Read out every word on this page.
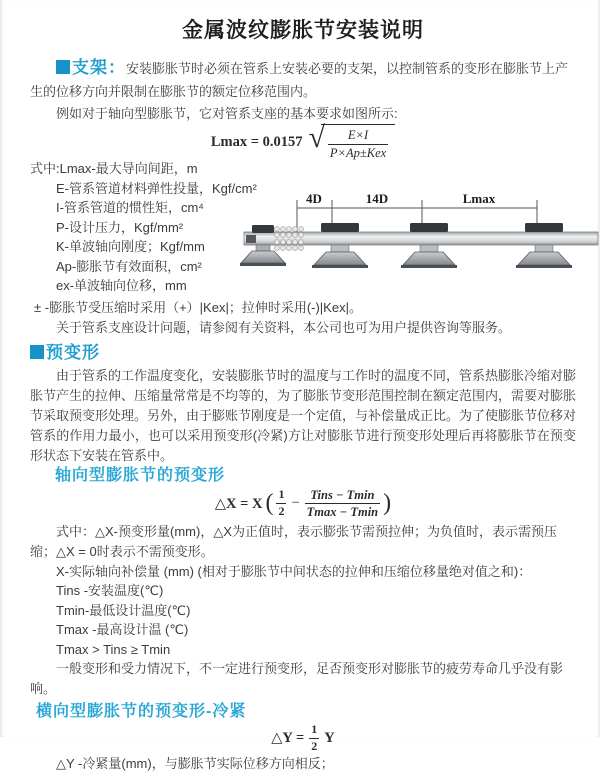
金属波纹膨胀节安装说明

支架：安装膨胀节时必须在管系上安装必要的支架，以控制管系的变形在膨胀节上产生的位移方向并限制在膨胀节的额定位移范围内。

例如对于轴向型膨胀节，它对管系支座的基本要求如图所示:

Lmax = 0.0157 √ $\frac{E\times I}{\text{P×Ap±Kex}}$
式中:Lmax-最大导向间距，m
E-管系管道材料弹性投量，Kgf/cm²
I-管系管道的惯性矩，cm⁴
P-设计压力，Kgf/mm²
K-单波轴向刚度；Kgf/mm
Ap-膨胀节有效面积，cm²
ex-单波轴向位移，mm
4D	14D	Lmax

± -膨胀节受压缩时采用（+）|Kex|；拉伸时采用(-)|Kex|。

关于管系支座设计问题，请参阅有关资料，本公司也可为用户提供咨询等服务。

预变形

由于管系的工作温度变化，安装膨胀节时的温度与工作时的温度不同，管系热膨胀冷缩对膨胀节产生的拉伸、压缩量常常是不均等的，为了膨胀节变形范围控制在额定范围内，需要对膨胀节采取预变形处理。另外，由于膨账节刚度是一个定值，与补偿量成正比。为了使膨胀节位移对管系的作用力最小，也可以采用预变形(冷紧)方让对膨胀节进行预变形处理后再将膨胀节在预变形状态下安装在管系中。

轴向型膨胀节的预变形
△X = X ( $\frac{1}{2} - \frac{\text{Tins − Tmin}}{Tmax - Tmin}$ )

式中：△X-预变形量(mm)，△X为正值时，表示膨张节需预拉伸；为负值时，表示需预压缩；△X = 0时表示不需预变形。

X-实际轴向补偿量 (mm) (相对于膨胀节中间状态的拉伸和压缩位移量绝对值之和)：

Tins -安装温度(℃)

Tmin-最低设计温度(℃)

Tmax -最高设计温 (℃)

Tmax > Tins ≥ Tmin

一般变形和受力情况下，不一定进行预变形，足否预变形对膨胀节的疲劳寿命几乎没有影响。

横向型膨胀节的预变形-冷紧
△Y = $\frac{1}{2}$ Y

△Y -冷紧量(mm)，与膨胀节实际位移方向相反；
